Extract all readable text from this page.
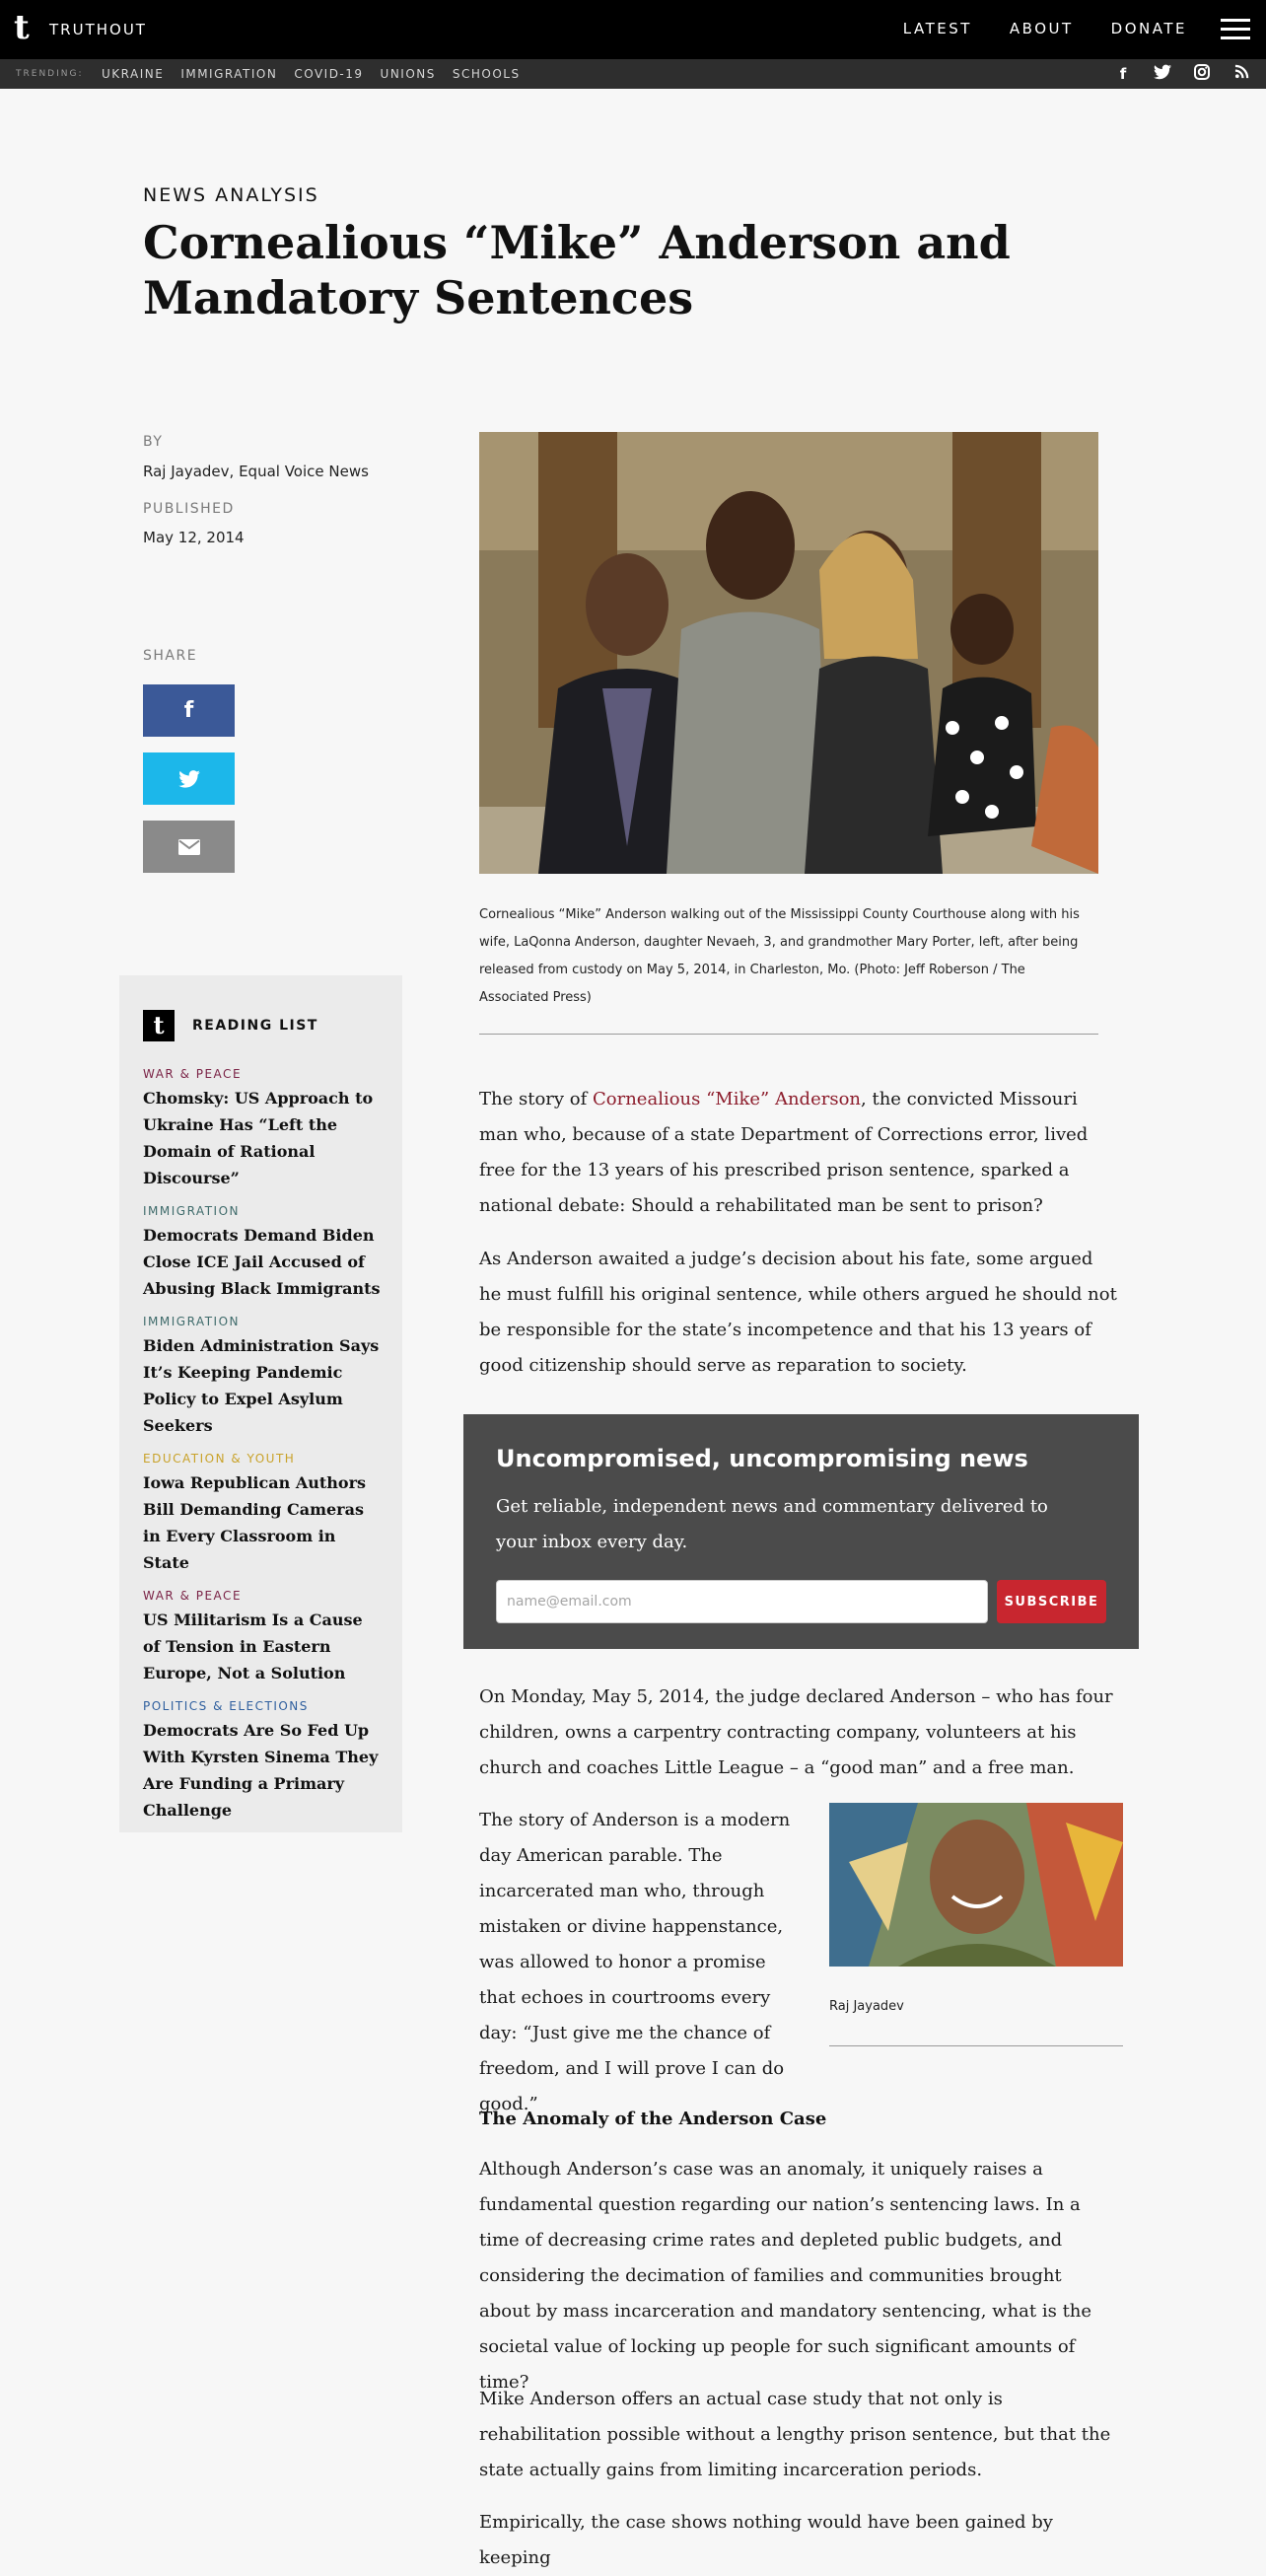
t TRUTHOUT	LATEST	ABOUT	DONATE
TRENDING: UKRAINE IMMIGRATION COVID-19 UNIONS SCHOOLS	f
NEWS ANALYSIS
Cornealious “Mike” Anderson and Mandatory Sentences
BY
Raj Jayadev, Equal Voice News
PUBLISHED
May 12, 2014
SHARE
f
t	READING LIST
WAR & PEACE
Chomsky: US Approach to Ukraine Has “Left the Domain of Rational Discourse”
IMMIGRATION
Democrats Demand Biden Close ICE Jail Accused of Abusing Black Immigrants
IMMIGRATION
Biden Administration Says It’s Keeping Pandemic Policy to Expel Asylum Seekers
EDUCATION & YOUTH
Iowa Republican Authors Bill Demanding Cameras in Every Classroom in State
WAR & PEACE
US Militarism Is a Cause of Tension in Eastern Europe, Not a Solution
POLITICS & ELECTIONS
Democrats Are So Fed Up With Kyrsten Sinema They Are Funding a Primary Challenge
Cornealious “Mike” Anderson walking out of the Mississippi County Courthouse along with his wife, LaQonna Anderson, daughter Nevaeh, 3, and grandmother Mary Porter, left, after being released from custody on May 5, 2014, in Charleston, Mo. (Photo: Jeff Roberson / The Associated Press)

The story of Cornealious “Mike” Anderson, the convicted Missouri man who, because of a state Department of Corrections error, lived free for the 13 years of his prescribed prison sentence, sparked a national debate: Should a rehabilitated man be sent to prison?

As Anderson awaited a judge’s decision about his fate, some argued he must fulfill his original sentence, while others argued he should not be responsible for the state’s incompetence and that his 13 years of good citizenship should serve as reparation to society.

Uncompromised, uncompromising news
Get reliable, independent news and commentary delivered to your inbox every day.
name@email.com
SUBSCRIBE

On Monday, May 5, 2014, the judge declared Anderson – who has four children, owns a carpentry contracting company, volunteers at his church and coaches Little League – a “good man” and a free man.

The story of Anderson is a modern day American parable. The incarcerated man who, through mistaken or divine happenstance, was allowed to honor a promise that echoes in courtrooms every day: “Just give me the chance of freedom, and I will prove I can do good.”

Raj Jayadev
The Anomaly of the Anderson Case

Although Anderson’s case was an anomaly, it uniquely raises a fundamental question regarding our nation’s sentencing laws. In a time of decreasing crime rates and depleted public budgets, and considering the decimation of families and communities brought about by mass incarceration and mandatory sentencing, what is the societal value of locking up people for such significant amounts of time?

Mike Anderson offers an actual case study that not only is rehabilitation possible without a lengthy prison sentence, but that the state actually gains from limiting incarceration periods.

Empirically, the case shows nothing would have been gained by keeping
